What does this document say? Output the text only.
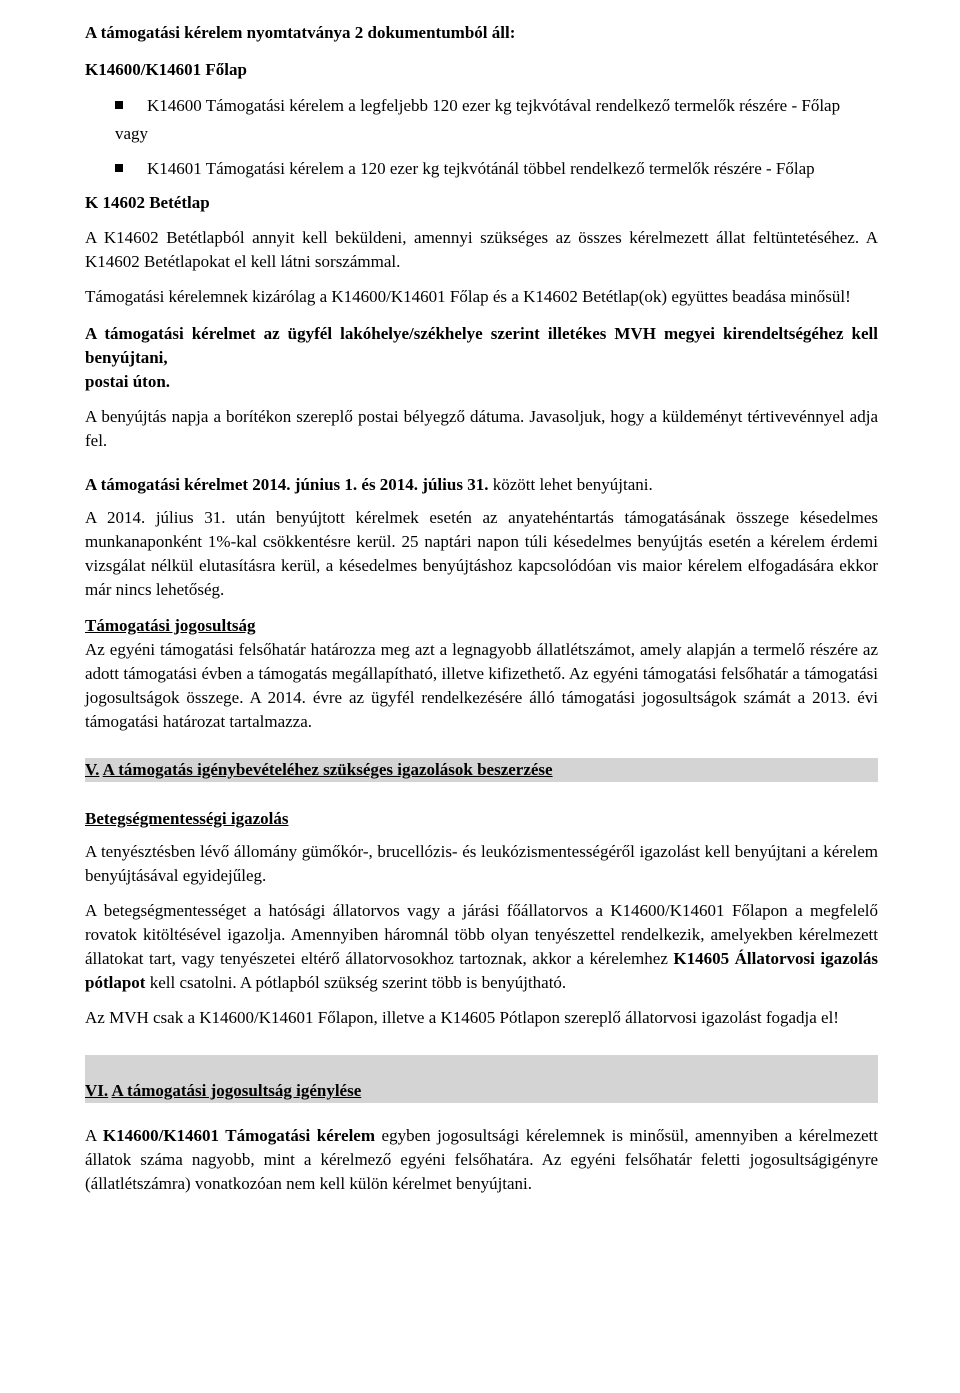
A támogatási kérelem nyomtatványa 2 dokumentumból áll:

K14600/K14601 Főlap

K14600 Támogatási kérelem a legfeljebb 120 ezer kg tejkvótával rendelkező termelők részére - Főlap

vagy

K14601 Támogatási kérelem a 120 ezer kg tejkvótánál többel rendelkező termelők részére - Főlap

K 14602 Betétlap

A K14602 Betétlapból annyit kell beküldeni, amennyi szükséges az összes kérelmezett állat feltüntetéséhez. A K14602 Betétlapokat el kell látni sorszámmal.

Támogatási kérelemnek kizárólag a K14600/K14601 Főlap és a K14602 Betétlap(ok) együttes beadása minősül!

A támogatási kérelmet az ügyfél lakóhelye/székhelye szerint illetékes MVH megyei kirendeltségéhez kell benyújtani,

postai úton.

A benyújtás napja a borítékon szereplő postai bélyegző dátuma. Javasoljuk, hogy a küldeményt tértivevénnyel adja fel.

A támogatási kérelmet 2014. június 1. és 2014. július 31. között lehet benyújtani.

A 2014. július 31. után benyújtott kérelmek esetén az anyatehéntartás támogatásának összege késedelmes munkanaponként 1%-kal csökkentésre kerül. 25 naptári napon túli késedelmes benyújtás esetén a kérelem érdemi vizsgálat nélkül elutasításra kerül, a késedelmes benyújtáshoz kapcsolódóan vis maior kérelem elfogadására ekkor már nincs lehetőség.

Támogatási jogosultság

Az egyéni támogatási felsőhatár határozza meg azt a legnagyobb állatlétszámot, amely alapján a termelő részére az adott támogatási évben a támogatás megállapítható, illetve kifizethető. Az egyéni támogatási felsőhatár a támogatási jogosultságok összege. A 2014. évre az ügyfél rendelkezésére álló támogatási jogosultságok számát a 2013. évi támogatási határozat tartalmazza.

V. A támogatás igénybevételéhez szükséges igazolások beszerzése

Betegségmentességi igazolás

A tenyésztésben lévő állomány gümőkór-, brucellózis- és leukózismentességéről igazolást kell benyújtani a kérelem benyújtásával egyidejűleg.

A betegségmentességet a hatósági állatorvos vagy a járási főállatorvos a K14600/K14601 Főlapon a megfelelő rovatok kitöltésével igazolja. Amennyiben háromnál több olyan tenyészettel rendelkezik, amelyekben kérelmezett állatokat tart, vagy tenyészetei eltérő állatorvosokhoz tartoznak, akkor a kérelemhez K14605 Állatorvosi igazolás pótlapot kell csatolni. A pótlapból szükség szerint több is benyújtható.

Az MVH csak a K14600/K14601 Főlapon, illetve a K14605 Pótlapon szereplő állatorvosi igazolást fogadja el!

VI. A támogatási jogosultság igénylése

A K14600/K14601 Támogatási kérelem egyben jogosultsági kérelemnek is minősül, amennyiben a kérelmezett állatok száma nagyobb, mint a kérelmező egyéni felsőhatára. Az egyéni felsőhatár feletti jogosultságigényre (állatlétszámra) vonatkozóan nem kell külön kérelmet benyújtani.
